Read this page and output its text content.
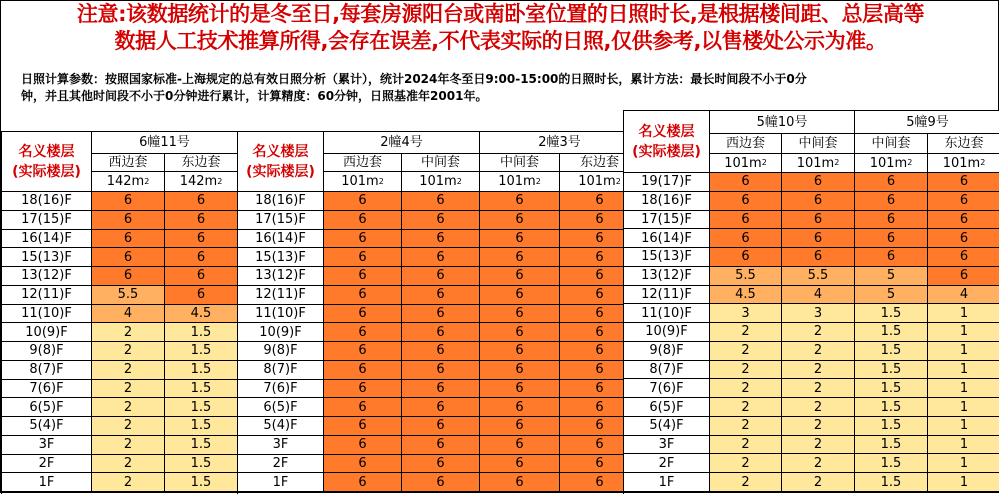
注意:该数据统计的是冬至日,每套房源阳台或南卧室位置的日照时长,是根据楼间距、总层高等
数据人工技术推算所得,会存在误差,不代表实际的日照,仅供参考,以售楼处公示为准。
日照计算参数：按照国家标准-上海规定的总有效日照分析（累计），统计2024年冬至日9:00-15:00的日照时长，累计方法：最长时间段不小于0分
钟，并且其他时间段不小于0分钟进行累计，计算精度：60分钟，日照基准年2001年。
名义楼层
(实际楼层)
6幢11号
西边套
142m 2
东边套
142m 2
18(16)F	6	6
17(15)F	6	6
16(14)F	6	6
15(13)F	6	6
13(12)F	6	6
12(11)F	5.5	6
11(10)F	4	4.5
10(9)F	2	1.5
9(8)F	2	1.5
8(7)F	2	1.5
7(6)F	2	1.5
6(5)F	2	1.5
5(4)F	2	1.5
3F	2	1.5
2F	2	1.5
1F	2	1.5
名义楼层
(实际楼层)
2幢4号
西边套
101m 2
中间套
101m 2
2幢3号
中间套
101m 2
东边套
101m 2
18(16)F	6	6	6	6
17(15)F	6	6	6	6
16(14)F	6	6	6	6
15(13)F	6	6	6	6
13(12)F	6	6	6	6
12(11)F	6	6	6	6
11(10)F	6	6	6	6
10(9)F	6	6	6	6
9(8)F	6	6	6	6
8(7)F	6	6	6	6
7(6)F	6	6	6	6
6(5)F	6	6	6	6
5(4)F	6	6	6	6
3F	6	6	6	6
2F	6	6	6	6
1F	6	6	6	6
名义楼层
(实际楼层)
5幢10号
西边套
101m 2
中间套
101m 2
5幢9号
中间套
101m 2
东边套
101m 2
19(17)F	6	6	6	6
18(16)F	6	6	6	6
17(15)F	6	6	6	6
16(14)F	6	6	6	6
15(13)F	6	6	6	6
13(12)F	5.5	5.5	5	6
12(11)F	4.5	4	5	4
11(10)F	3	3	1.5	1
10(9)F	2	2	1.5	1
9(8)F	2	2	1.5	1
8(7)F	2	2	1.5	1
7(6)F	2	2	1.5	1
6(5)F	2	2	1.5	1
5(4)F	2	2	1.5	1
3F	2	2	1.5	1
2F	2	2	1.5	1
1F	2	2	1.5	1
